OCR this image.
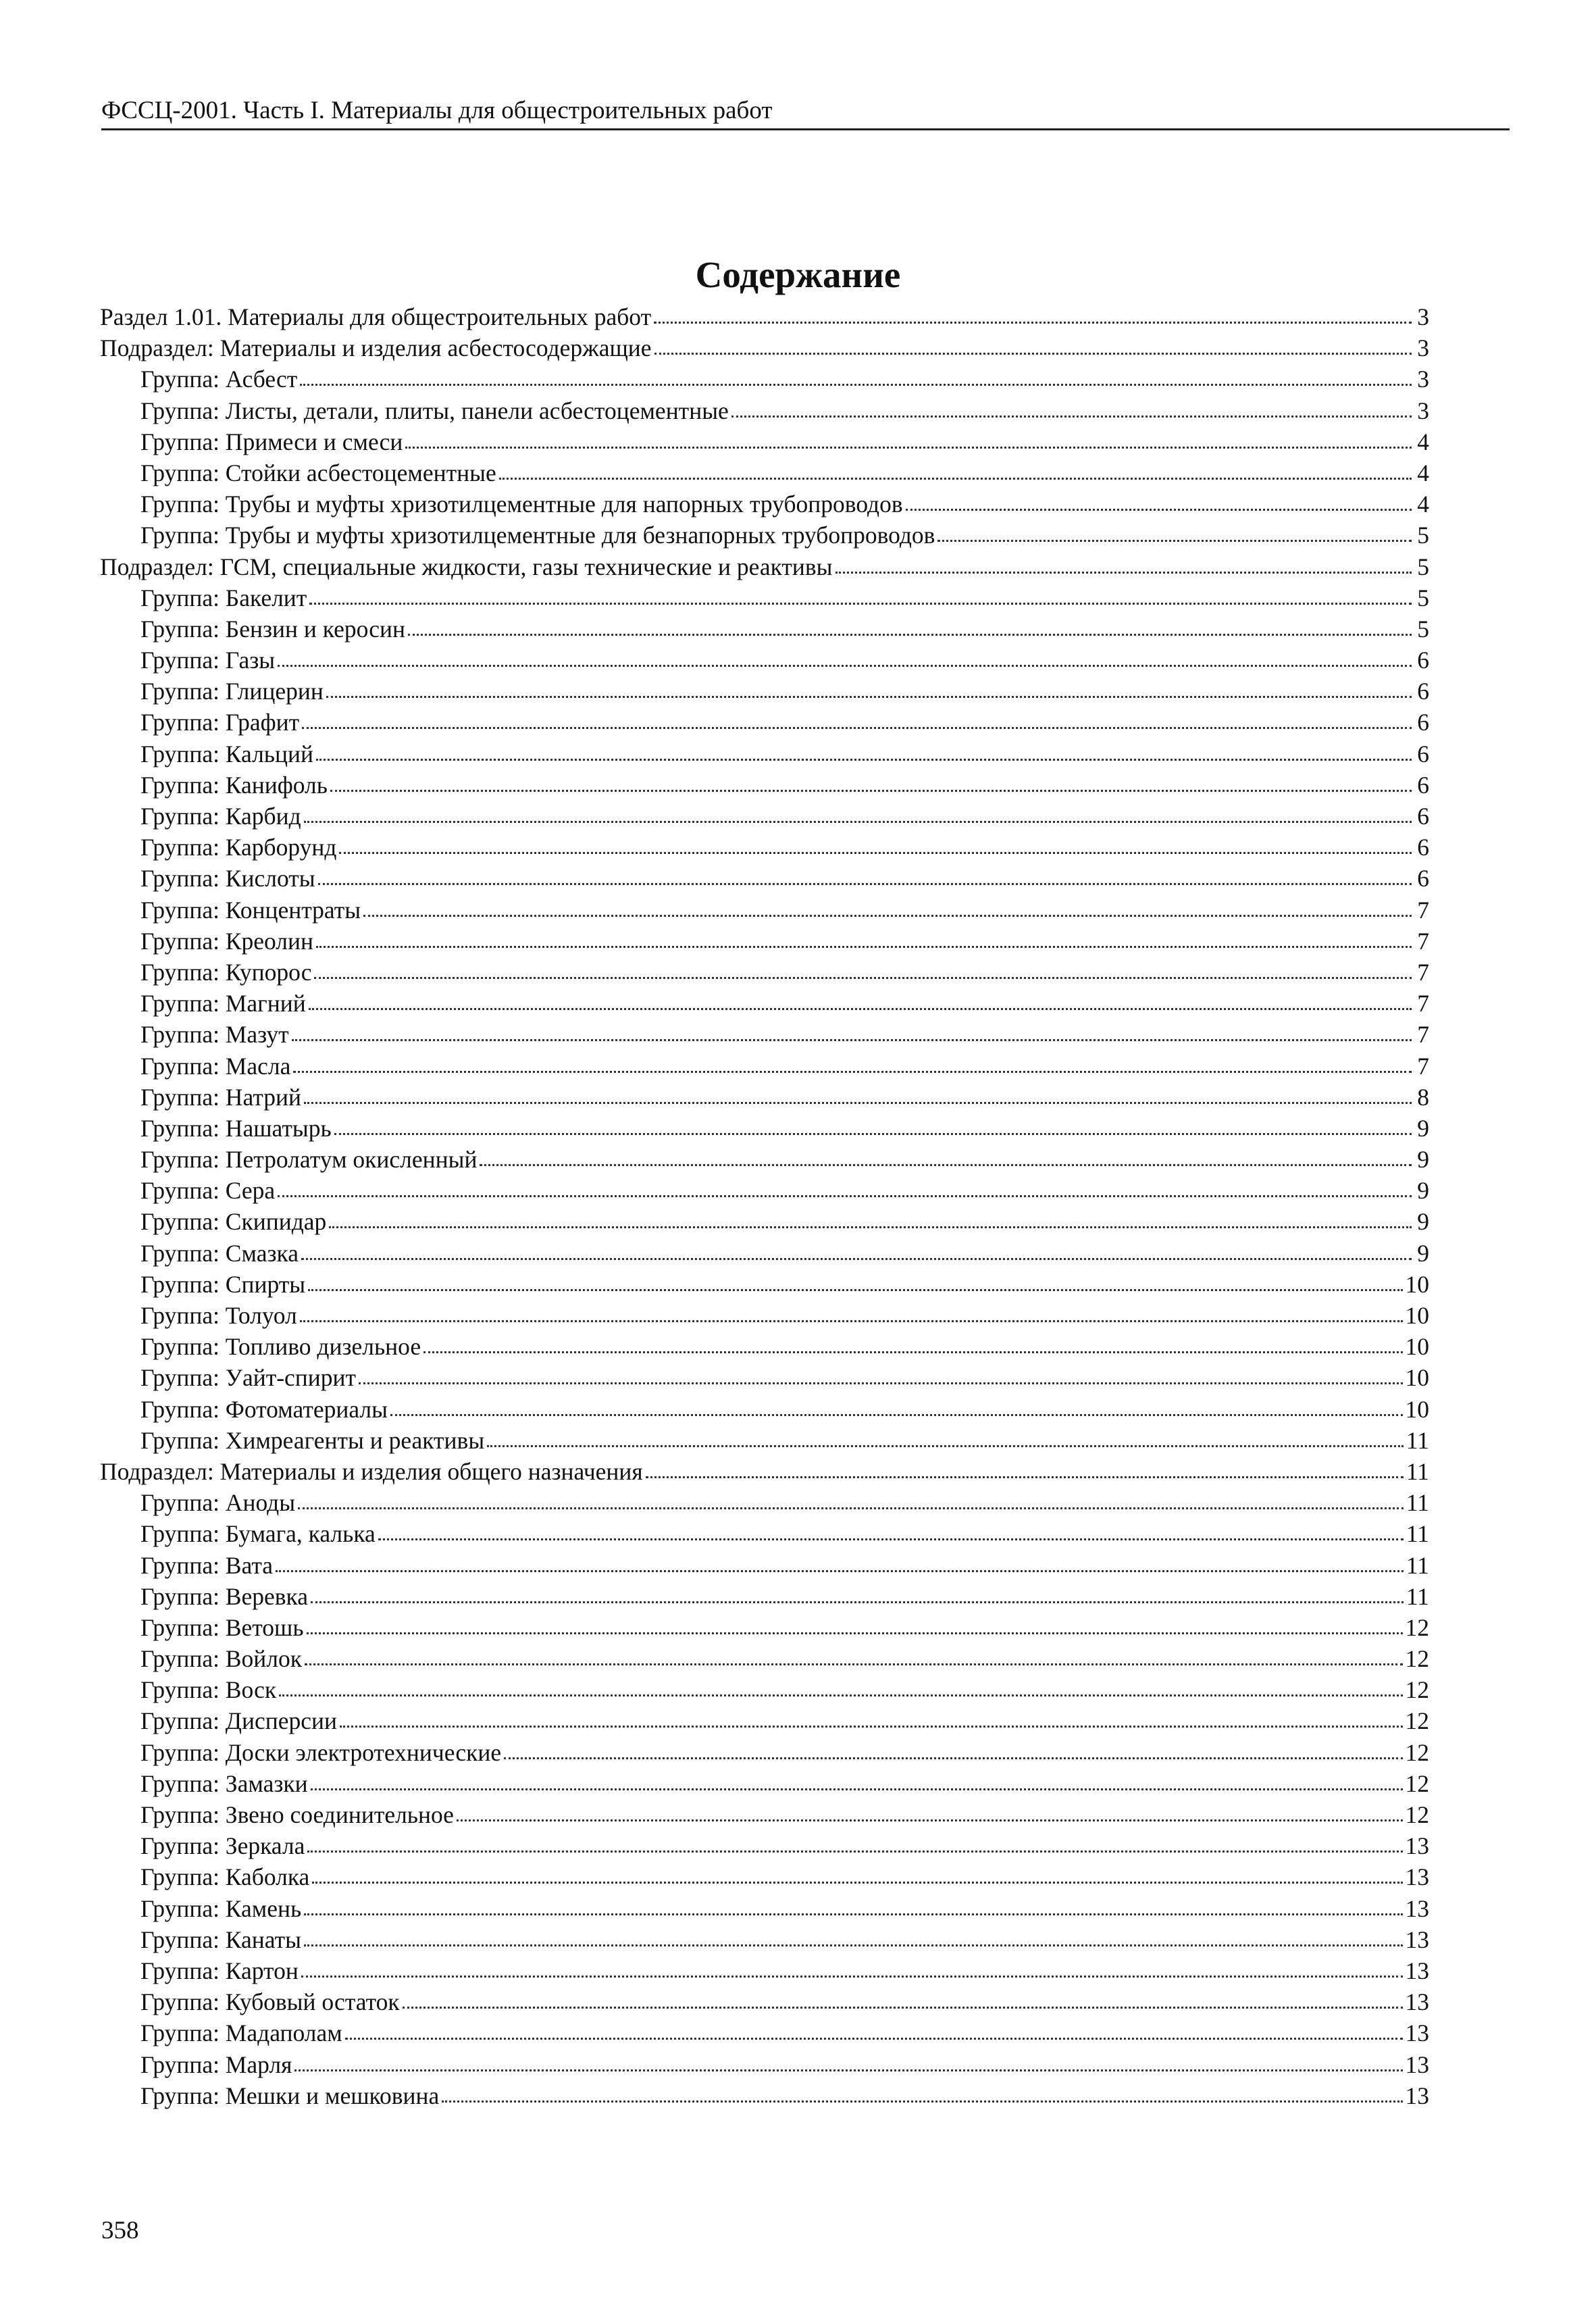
ФССЦ-2001. Часть I. Материалы для общестроительных работ
Содержание
Раздел 1.01. Материалы для общестроительных работ	3
Подраздел: Материалы и изделия асбестосодержащие	3
Группа: Асбест	3
Группа: Листы, детали, плиты, панели асбестоцементные	3
Группа: Примеси и смеси	4
Группа: Стойки асбестоцементные	4
Группа: Трубы и муфты хризотилцементные для напорных трубопроводов	4
Группа: Трубы и муфты хризотилцементные для безнапорных трубопроводов	5
Подраздел: ГСМ, специальные жидкости, газы технические и реактивы	5
Группа: Бакелит	5
Группа: Бензин и керосин	5
Группа: Газы	6
Группа: Глицерин	6
Группа: Графит	6
Группа: Кальций	6
Группа: Канифоль	6
Группа: Карбид	6
Группа: Карборунд	6
Группа: Кислоты	6
Группа: Концентраты	7
Группа: Креолин	7
Группа: Купорос	7
Группа: Магний	7
Группа: Мазут	7
Группа: Масла	7
Группа: Натрий	8
Группа: Нашатырь	9
Группа: Петролатум окисленный	9
Группа: Сера	9
Группа: Скипидар	9
Группа: Смазка	9
Группа: Спирты	10
Группа: Толуол	10
Группа: Топливо дизельное	10
Группа: Уайт-спирит	10
Группа: Фотоматериалы	10
Группа: Химреагенты и реактивы	11
Подраздел: Материалы и изделия общего назначения	11
Группа: Аноды	11
Группа: Бумага, калька	11
Группа: Вата	11
Группа: Веревка	11
Группа: Ветошь	12
Группа: Войлок	12
Группа: Воск	12
Группа: Дисперсии	12
Группа: Доски электротехнические	12
Группа: Замазки	12
Группа: Звено соединительное	12
Группа: Зеркала	13
Группа: Каболка	13
Группа: Камень	13
Группа: Канаты	13
Группа: Картон	13
Группа: Кубовый остаток	13
Группа: Мадаполам	13
Группа: Марля	13
Группа: Мешки и мешковина	13
358
